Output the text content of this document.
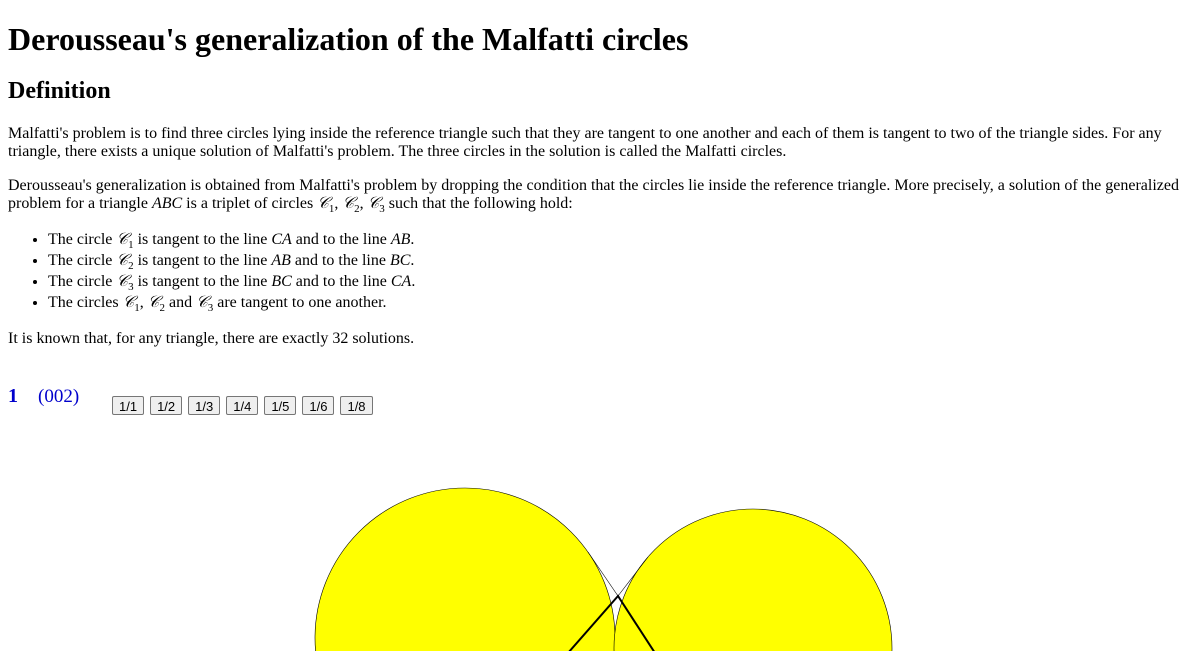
Derousseau's generalization of the Malfatti circles
Definition

Malfatti's problem is to find three circles lying inside the reference triangle such that they are tangent to one another and each of them is tangent to two of the triangle sides. For any triangle, there exists a unique solution of Malfatti's problem. The three circles in the solution is called the Malfatti circles.

Derousseau's generalization is obtained from Malfatti's problem by dropping the condition that the circles lie inside the reference triangle. More precisely, a solution of the generalized problem for a triangle ABC is a triplet of circles 𝒞$_1$, 𝒞$_2$, 𝒞$_3$ such that the following hold:

• The circle 𝒞$_1$ is tangent to the line CA and to the line AB.
• The circle 𝒞$_2$ is tangent to the line AB and to the line BC.
• The circle 𝒞$_3$ is tangent to the line BC and to the line CA.
• The circles 𝒞$_1$, 𝒞$_2$ and 𝒞$_3$ are tangent to one another.

It is known that, for any triangle, there are exactly 32 solutions.

1 (002)	1/1	1/2	1/3	1/4	1/5	1/6	1/8
